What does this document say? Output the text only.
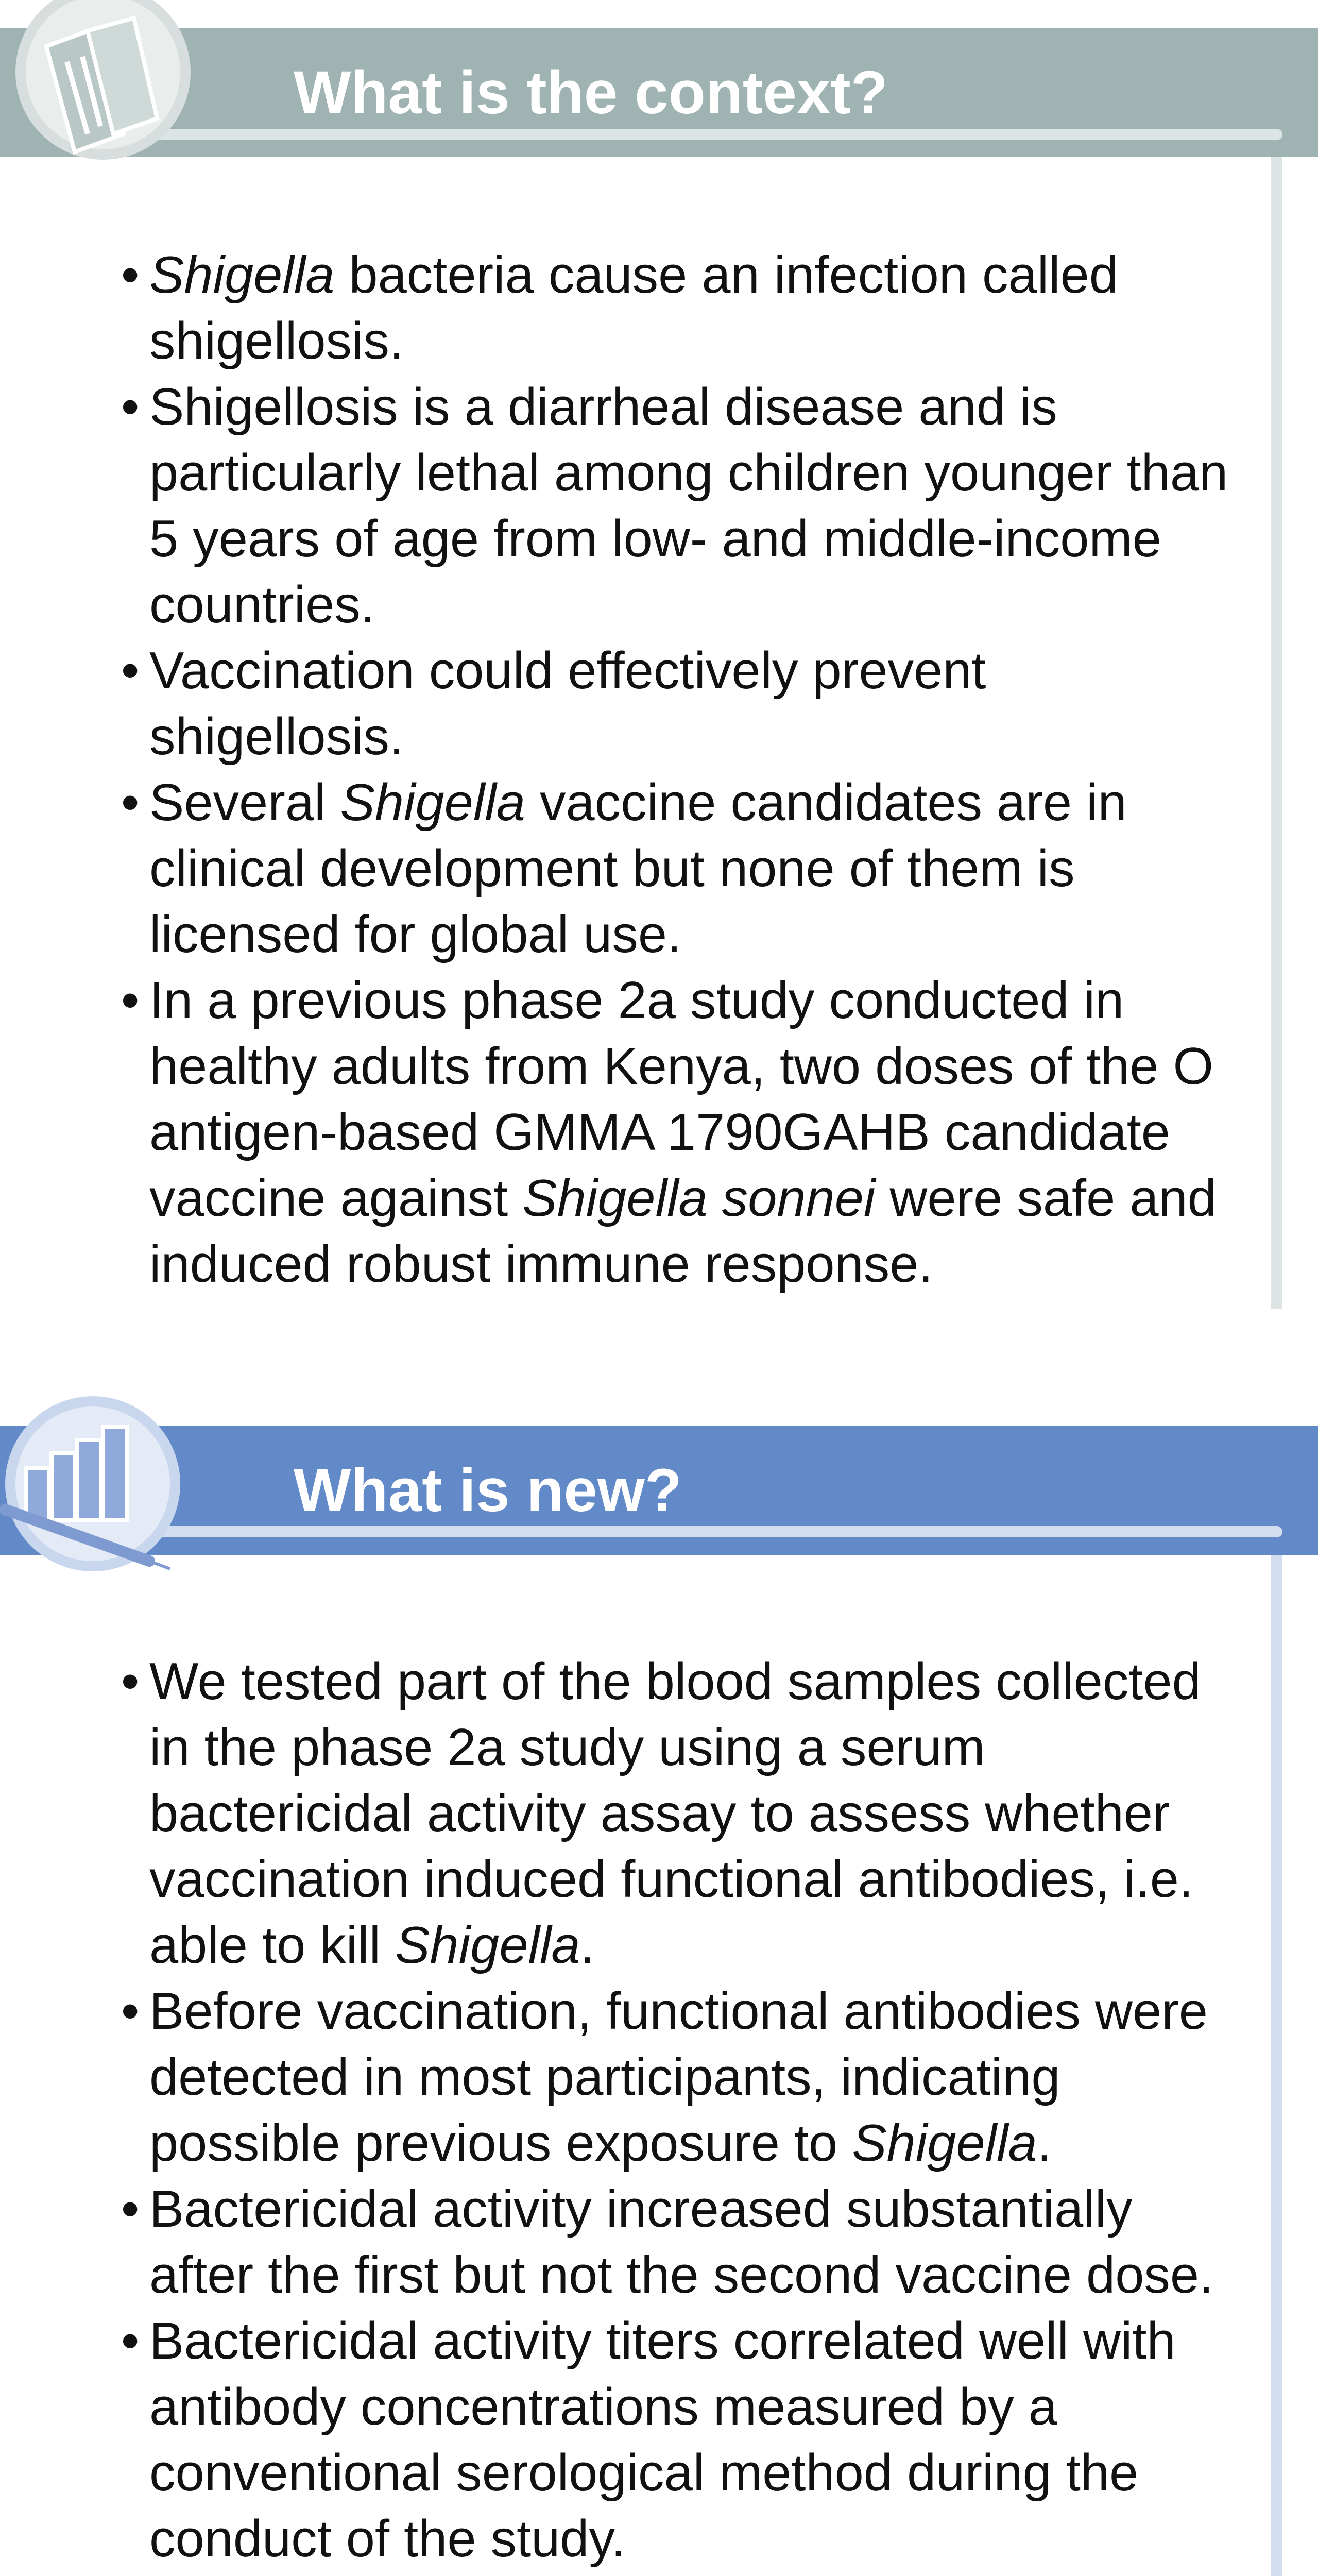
What is the context?
• Shigella bacteria cause an infection called shigellosis.
• Shigellosis is a diarrheal disease and is particularly lethal among children younger than 5 years of age from low- and middle-income countries.
• Vaccination could effectively prevent shigellosis.
• Several Shigella vaccine candidates are in clinical development but none of them is licensed for global use.
• In a previous phase 2a study conducted in healthy adults from Kenya, two doses of the O antigen-based GMMA 1790GAHB candidate vaccine against Shigella sonnei were safe and induced robust immune response.
What is new?
• We tested part of the blood samples collected in the phase 2a study using a serum bactericidal activity assay to assess whether vaccination induced functional antibodies, i.e. able to kill Shigella.
• Before vaccination, functional antibodies were detected in most participants, indicating possible previous exposure to Shigella.
• Bactericidal activity increased substantially after the first but not the second vaccine dose.
• Bactericidal activity titers correlated well with antibody concentrations measured by a conventional serological method during the conduct of the study.
